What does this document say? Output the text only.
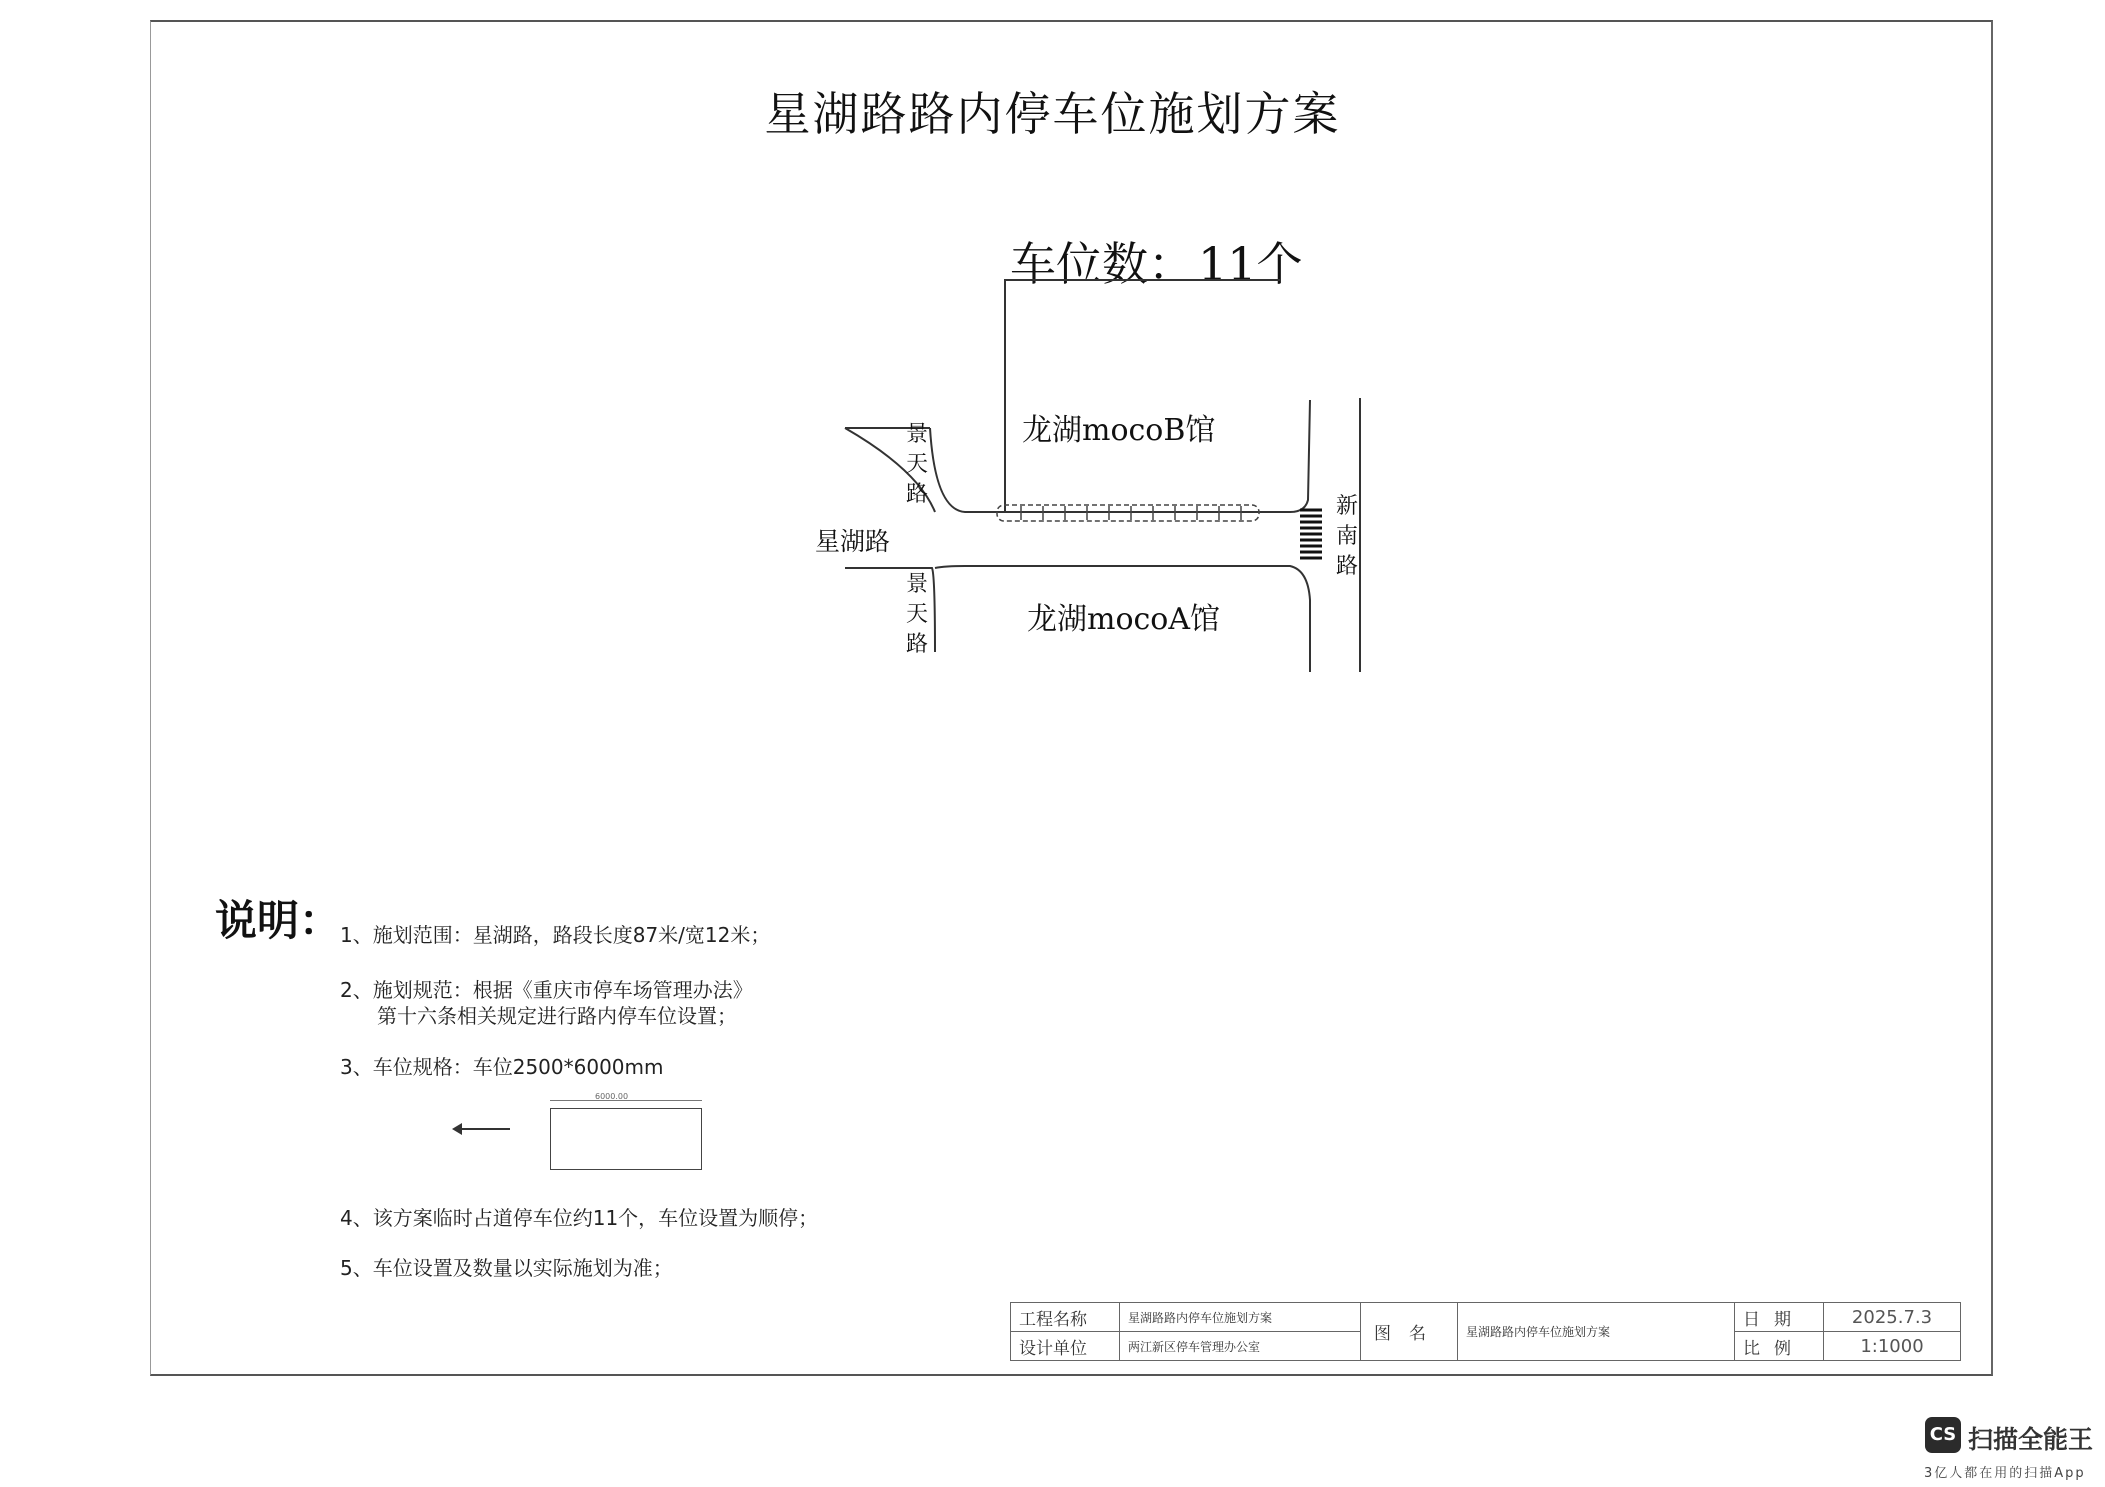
星湖路路内停车位施划方案
车位数：11个
龙湖mocoB馆
龙湖mocoA馆
星湖路
景天路
景天路
新南路
说明：
1、施划范围：星湖路，路段长度87米/宽12米；
2、施划规范：根据《重庆市停车场管理办法》
第十六条相关规定进行路内停车位设置；
3、车位规格：车位2500*6000mm
6000.00
4、该方案临时占道停车位约11个，车位设置为顺停；
5、车位设置及数量以实际施划为准；
工程名称	星湖路路内停车位施划方案	图名	星湖路路内停车位施划方案	日期	2025.7.3
设计单位	两江新区停车管理办公室			比例	1:1000
CS 扫描全能王
3亿人都在用的扫描App
